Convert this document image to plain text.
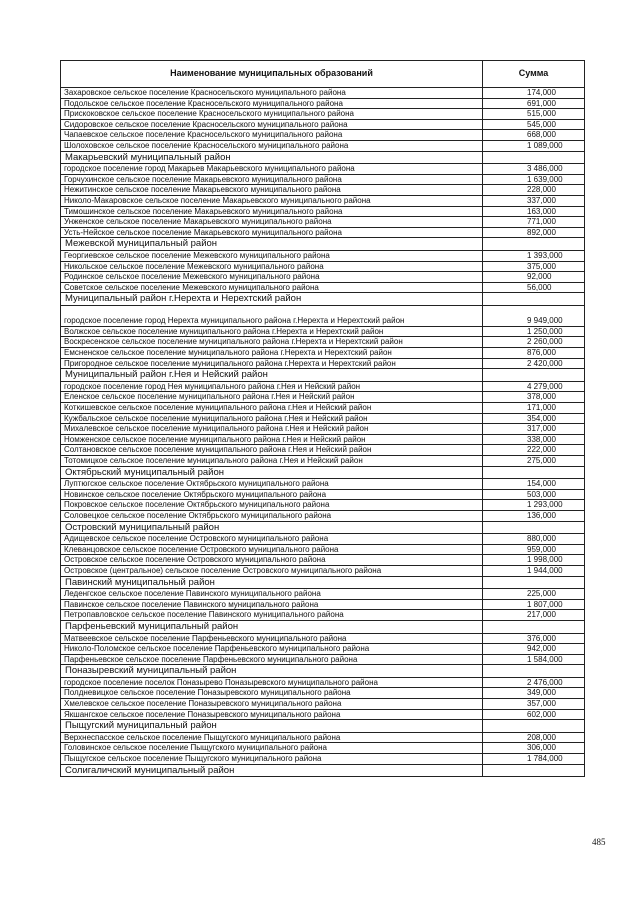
Наименование муниципальных образований	Сумма
Захаровское сельское поселение Красносельского муниципального района	174,000
Подольское сельское поселение Красносельского муниципального района	691,000
Прискоковское сельское поселение Красносельского муниципального района	515,000
Сидоровское сельское поселение Красносельского муниципального района	545,000
Чапаевское сельское поселение Красносельского муниципального района	668,000
Шолоховское сельское поселение Красносельского муниципального района	1 089,000
Макарьевский муниципальный район	
городское поселение город Макарьев Макарьевского муниципального района	3 486,000
Горчухинское сельское поселение Макарьевского муниципального района	1 639,000
Нежитинское сельское поселение Макарьевского муниципального района	228,000
Николо-Макаровское сельское поселение Макарьевского муниципального района	337,000
Тимошинское сельское поселение Макарьевского муниципального района	163,000
Унженское сельское поселение Макарьевского муниципального района	771,000
Усть-Нейское сельское поселение Макарьевского муниципального района	892,000
Межевской муниципальный район	
Георгиевское сельское поселение Межевского муниципального района	1 393,000
Никольское сельское поселение Межевского муниципального района	375,000
Родинское сельское поселение Межевского муниципального района	92,000
Советское сельское поселение Межевского муниципального района	56,000
Муниципальный район г.Нерехта и Нерехтский район	
городское поселение город Нерехта муниципального района г.Нерехта и Нерехтский район	9 949,000
Волжское сельское поселение муниципального района г.Нерехта и Нерехтский район	1 250,000
Воскресенское сельское поселение муниципального района г.Нерехта и Нерехтский район	2 260,000
Емсненское сельское поселение муниципального района г.Нерехта и Нерехтский район	876,000
Пригородное сельское поселение муниципального района г.Нерехта и Нерехтский район	2 420,000
Муниципальный район г.Нея и Нейский район	
городское поселение город Нея муниципального района г.Нея и Нейский район	4 279,000
Еленское сельское поселение муниципального района г.Нея и Нейский район	378,000
Коткишевское сельское поселение муниципального района г.Нея и Нейский район	171,000
Кужбальское сельское поселение муниципального района г.Нея и Нейский район	354,000
Михалевское сельское поселение муниципального района г.Нея и Нейский район	317,000
Номженское сельское поселение муниципального района г.Нея и Нейский район	338,000
Солтановское сельское поселение муниципального района г.Нея и Нейский район	222,000
Тотомицкое сельское поселение муниципального района г.Нея и Нейский район	275,000
Октябрьский муниципальный район	
Луптюгское сельское поселение Октябрьского муниципального района	154,000
Новинское сельское поселение Октябрьского муниципального района	503,000
Покровское сельское поселение Октябрьского муниципального района	1 293,000
Соловецкое сельское поселение Октябрьского муниципального района	136,000
Островский муниципальный район	
Адищевское сельское поселение Островского муниципального района	880,000
Клеванцовское сельское поселение Островского муниципального района	959,000
Островское сельское поселение Островского муниципального района	1 998,000
Островское (центральное) сельское поселение Островского муниципального района	1 944,000
Павинский муниципальный район	
Леденгское сельское поселение Павинского муниципального района	225,000
Павинское сельское поселение Павинского муниципального района	1 807,000
Петропавловское сельское поселение Павинского муниципального района	217,000
Парфеньевский муниципальный район	
Матвеевское сельское поселение Парфеньевского муниципального района	376,000
Николо-Поломское сельское поселение Парфеньевского муниципального района	942,000
Парфеньевское сельское поселение Парфеньевского муниципального района	1 584,000
Поназыревский муниципальный район	
городское поселение поселок Поназырево Поназыревского муниципального района	2 476,000
Полдневицкое сельское поселение Поназыревского муниципального района	349,000
Хмелевское сельское поселение Поназыревского муниципального района	357,000
Якшангское сельское поселение Поназыревского муниципального района	602,000
Пыщугский муниципальный район	
Верхнеспасское сельское поселение Пыщугского муниципального района	208,000
Головинское сельское поселение Пыщугского муниципального района	306,000
Пыщугское сельское поселение Пыщугского муниципального района	1 784,000
Солигаличский муниципальный район	
485
